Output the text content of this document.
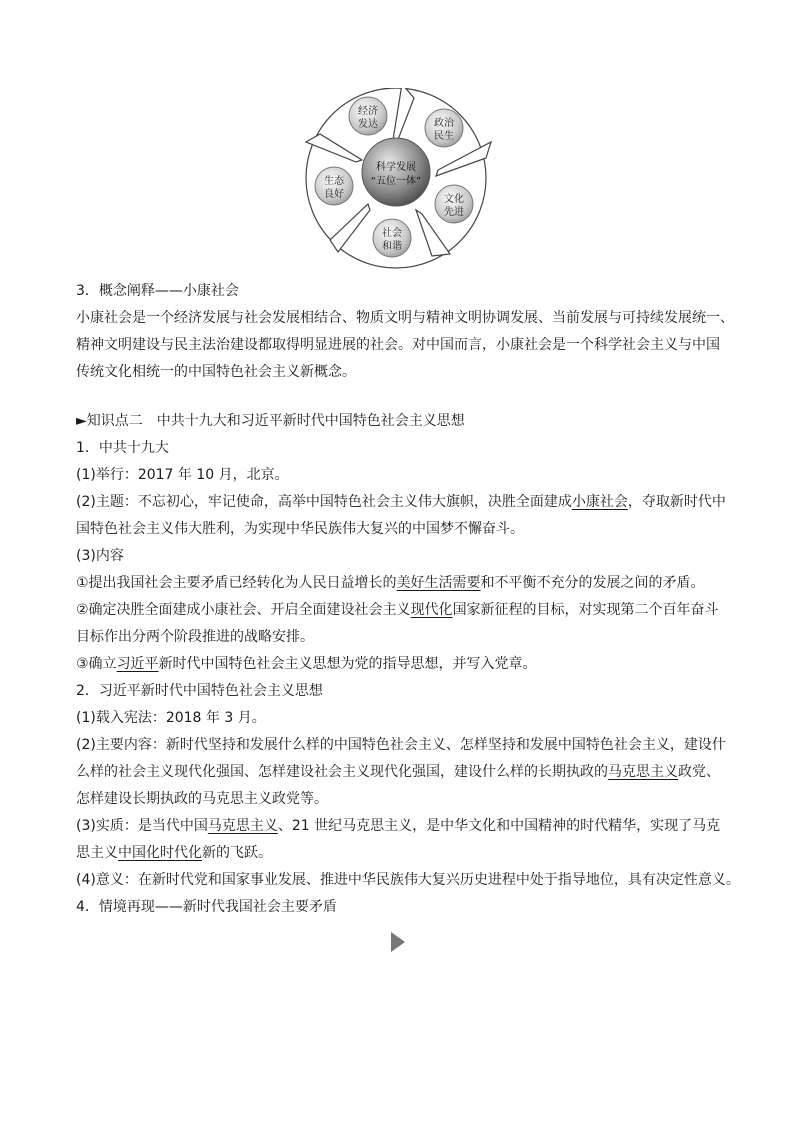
科学发展
“五位一体”
经济
发达	政治
民生
文化
先进
社会
和谐
生态
良好
3．概念阐释——小康社会
小康社会是一个经济发展与社会发展相结合、物质文明与精神文明协调发展、当前发展与可持续发展统一、
精神文明建设与民主法治建设都取得明显进展的社会。对中国而言，小康社会是一个科学社会主义与中国
传统文化相统一的中国特色社会主义新概念。
►知识点二　中共十九大和习近平新时代中国特色社会主义思想
1．中共十九大
(1)举行：2017 年 10 月，北京。
(2)主题：不忘初心，牢记使命，高举中国特色社会主义伟大旗帜，决胜全面建成小康社会，夺取新时代中
国特色社会主义伟大胜利，为实现中华民族伟大复兴的中国梦不懈奋斗。
(3)内容
①提出我国社会主要矛盾已经转化为人民日益增长的美好生活需要和不平衡不充分的发展之间的矛盾。
②确定决胜全面建成小康社会、开启全面建设社会主义现代化国家新征程的目标，对实现第二个百年奋斗
目标作出分两个阶段推进的战略安排。
③确立习近平新时代中国特色社会主义思想为党的指导思想，并写入党章。
2．习近平新时代中国特色社会主义思想
(1)载入宪法：2018 年 3 月。
(2)主要内容：新时代坚持和发展什么样的中国特色社会主义、怎样坚持和发展中国特色社会主义，建设什
么样的社会主义现代化强国、怎样建设社会主义现代化强国，建设什么样的长期执政的马克思主义政党、
怎样建设长期执政的马克思主义政党等。
(3)实质：是当代中国马克思主义、21 世纪马克思主义，是中华文化和中国精神的时代精华，实现了马克
思主义中国化时代化新的飞跃。
(4)意义：在新时代党和国家事业发展、推进中华民族伟大复兴历史进程中处于指导地位，具有决定性意义。
4．情境再现——新时代我国社会主要矛盾
